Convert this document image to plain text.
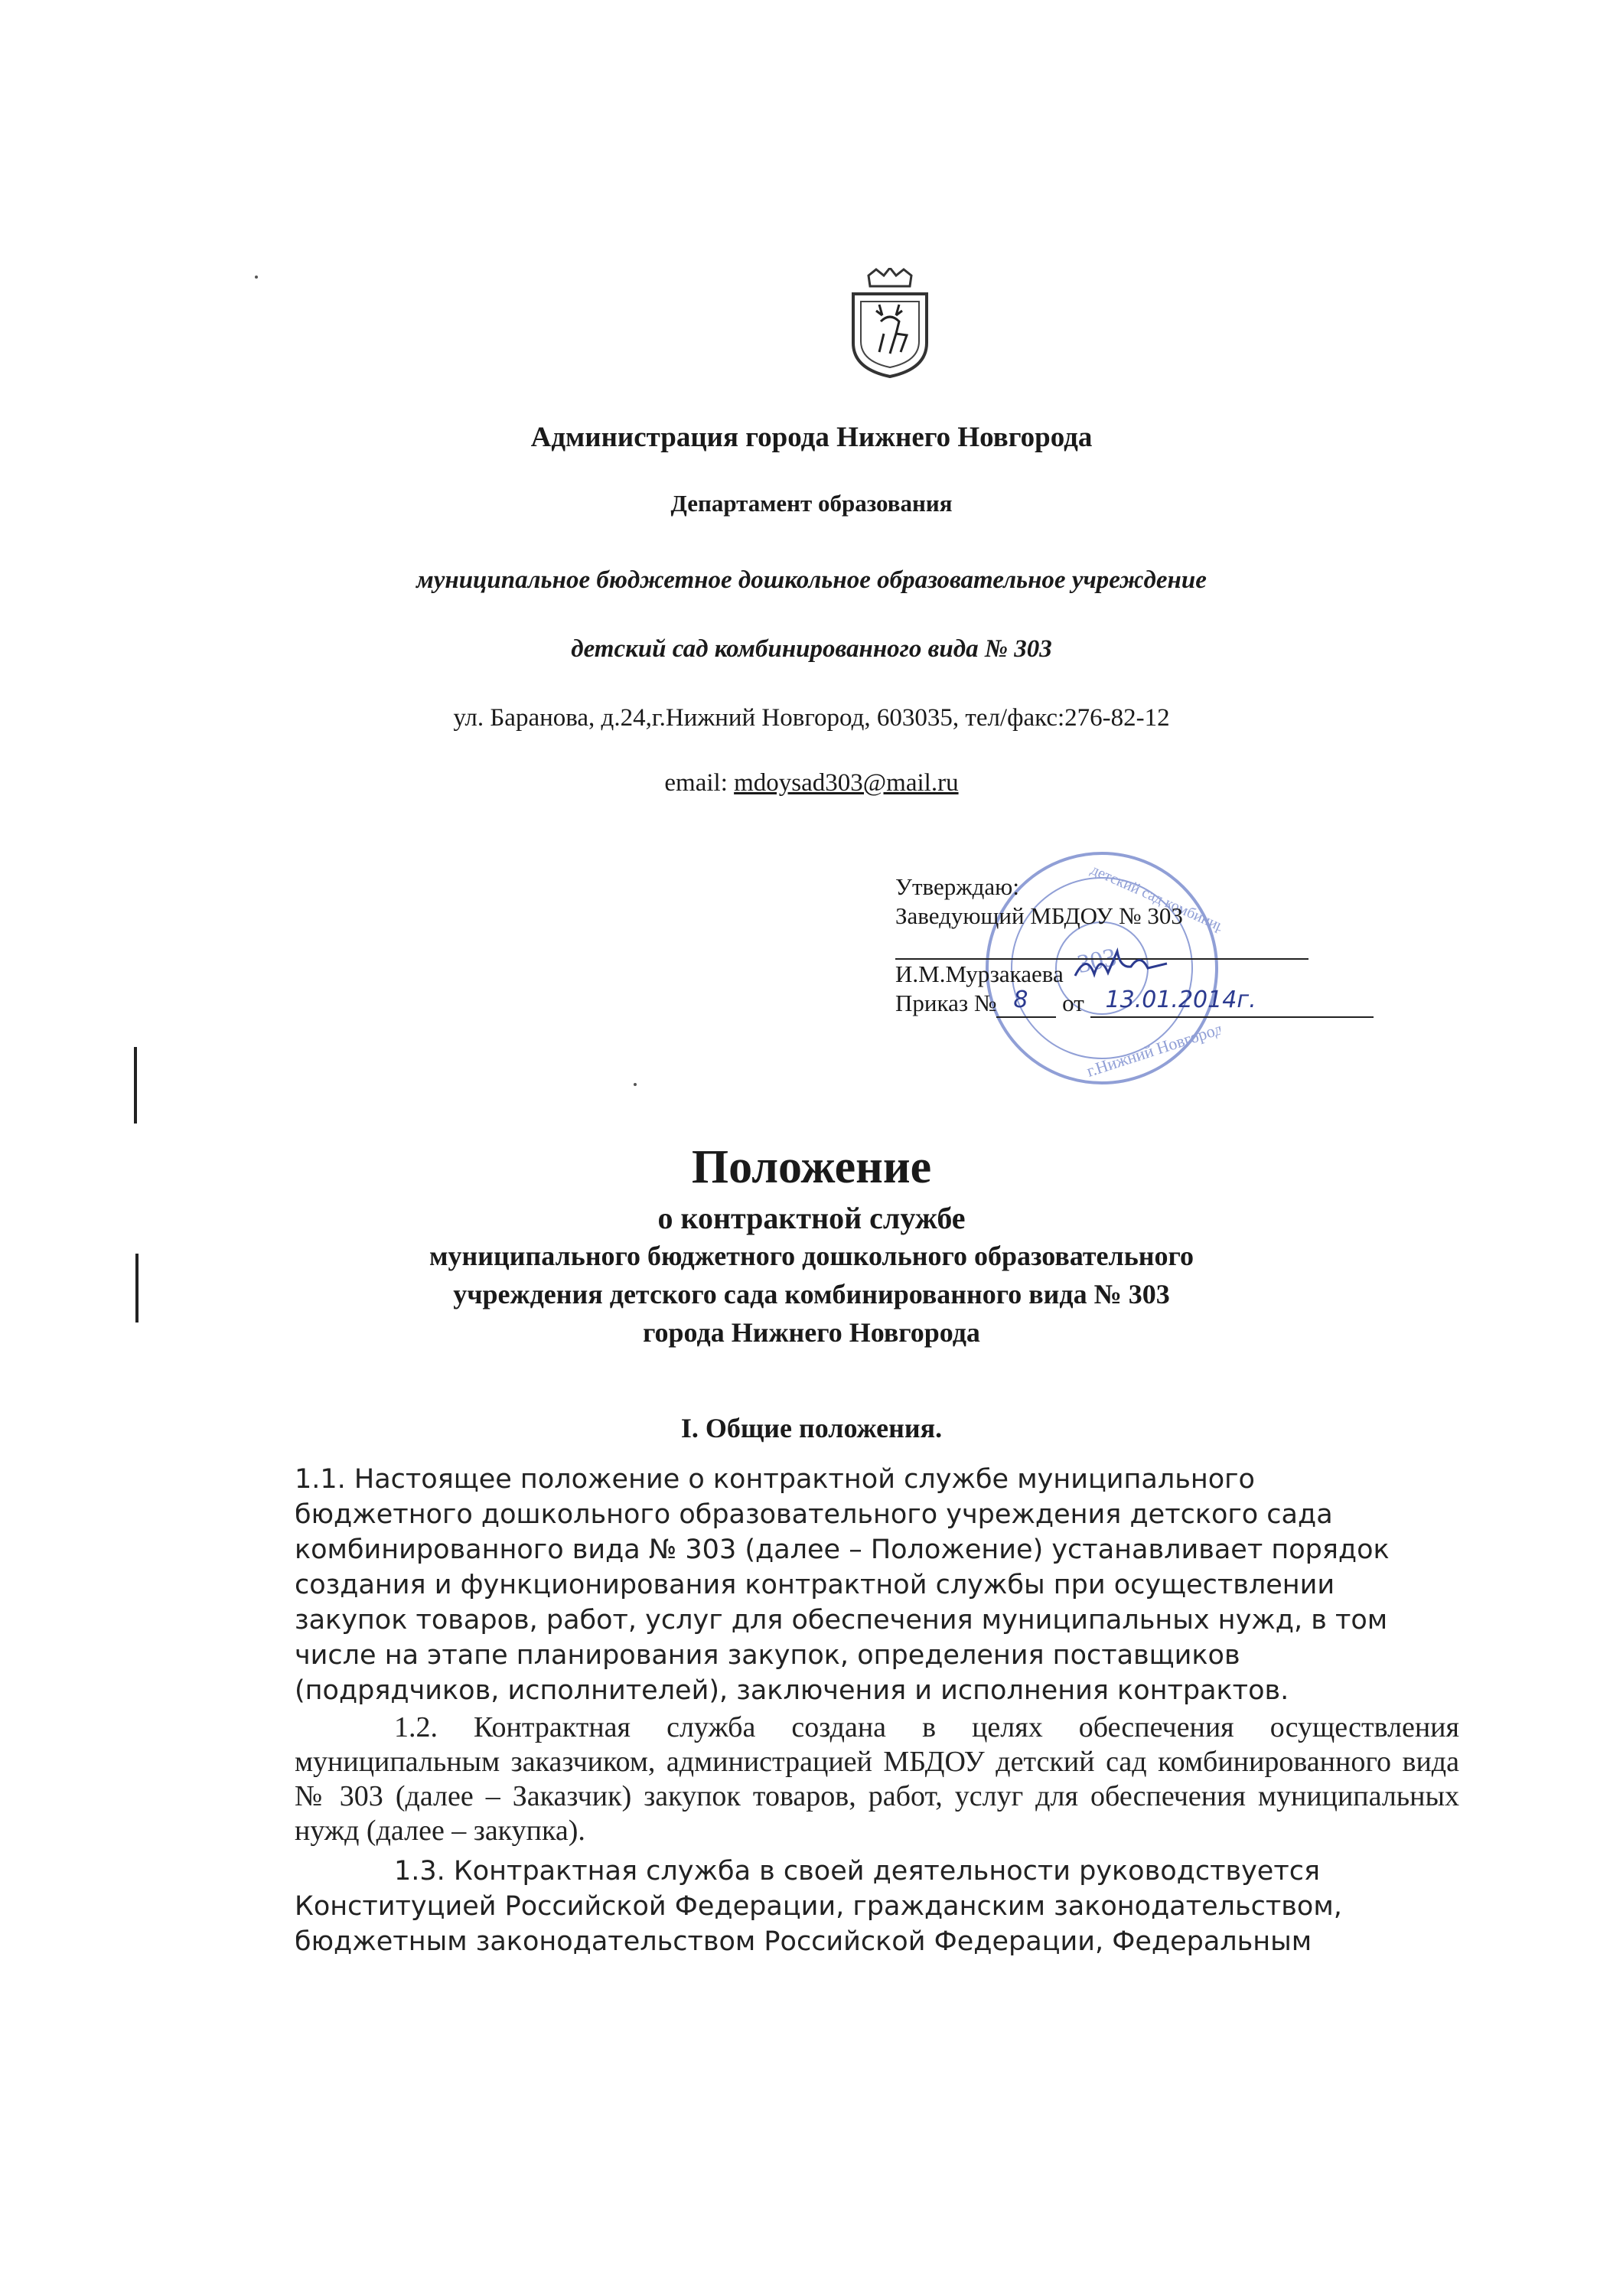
Администрация города Нижнего Новгорода
Департамент образования
муниципальное бюджетное дошкольное образовательное учреждение
детский сад комбинированного вида № 303
ул. Баранова, д.24,г.Нижний Новгород, 603035, тел/факс:276-82-12
email: mdoysad303@mail.ru
303
г.Нижний Новгород
детский сад комбинированного
Утверждаю:
Заведующий МБДОУ № 303
И.М.Мурзакаева
Приказ № 8 от 13.01.2014г.
Положение
о контрактной службе
муниципального бюджетного дошкольного образовательного
учреждения детского сада комбинированного вида № 303
города Нижнего Новгорода
I. Общие положения.
1.1. Настоящее положение о контрактной службе муниципального
бюджетного дошкольного образовательного учреждения детского сада
комбинированного вида № 303 (далее – Положение) устанавливает порядок
создания и функционирования контрактной службы при осуществлении
закупок товаров, работ, услуг для обеспечения муниципальных нужд, в том
числе на этапе планирования закупок, определения поставщиков
(подрядчиков, исполнителей), заключения и исполнения контрактов.
1.2. Контрактная служба создана в целях обеспечения осуществления муниципальным заказчиком, администрацией МБДОУ детский сад комбинированного вида № 303 (далее – Заказчик) закупок товаров, работ, услуг для обеспечения муниципальных нужд (далее – закупка).
1.3. Контрактная служба в своей деятельности руководствуется
Конституцией Российской Федерации, гражданским законодательством,
бюджетным законодательством Российской Федерации, Федеральным
